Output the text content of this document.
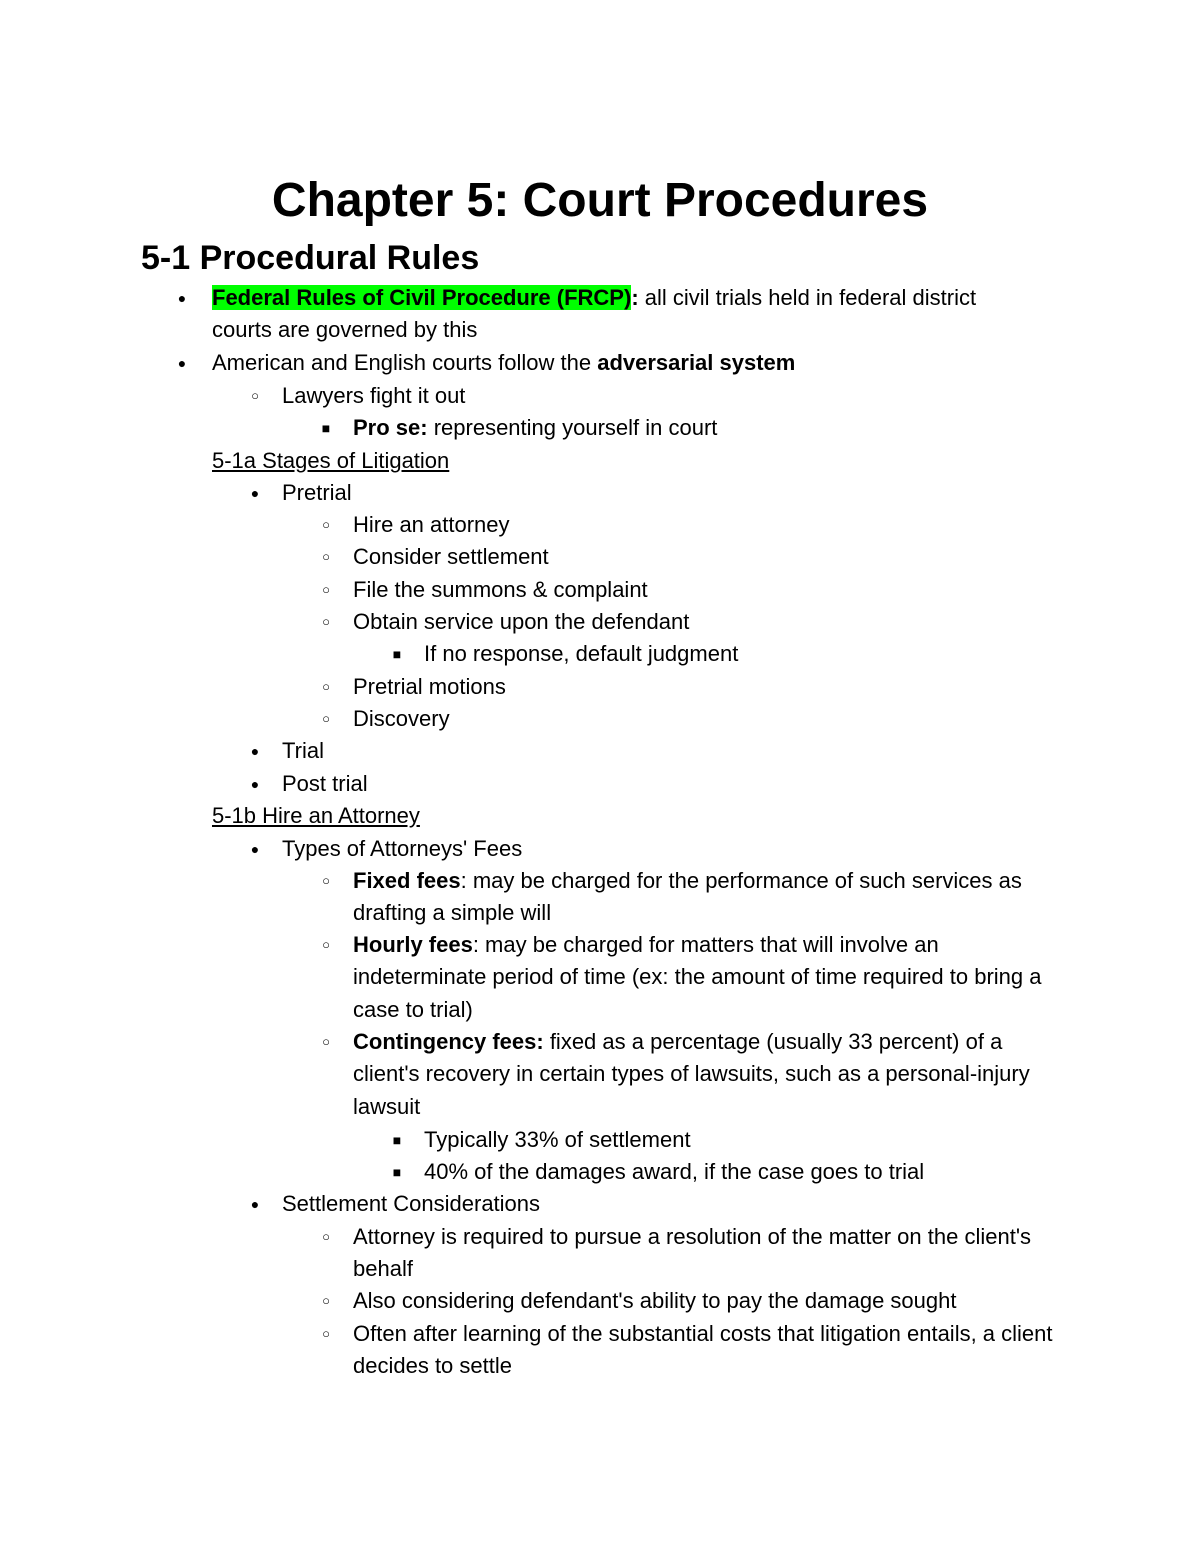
Chapter 5: Court Procedures
5-1 Procedural Rules
● Federal Rules of Civil Procedure (FRCP): all civil trials held in federal district courts are governed by this
● American and English courts follow the adversarial system
○ Lawyers fight it out
■ Pro se: representing yourself in court
5-1a Stages of Litigation
● Pretrial
○ Hire an attorney
○ Consider settlement
○ File the summons & complaint
○ Obtain service upon the defendant
■ If no response, default judgment
○ Pretrial motions
○ Discovery
● Trial
● Post trial
5-1b Hire an Attorney
● Types of Attorneys' Fees
○ Fixed fees: may be charged for the performance of such services as drafting a simple will
○ Hourly fees: may be charged for matters that will involve an indeterminate period of time (ex: the amount of time required to bring a case to trial)
○ Contingency fees: fixed as a percentage (usually 33 percent) of a client's recovery in certain types of lawsuits, such as a personal-injury lawsuit
■ Typically 33% of settlement
■ 40% of the damages award, if the case goes to trial
● Settlement Considerations
○ Attorney is required to pursue a resolution of the matter on the client's behalf
○ Also considering defendant's ability to pay the damage sought
○ Often after learning of the substantial costs that litigation entails, a client decides to settle
